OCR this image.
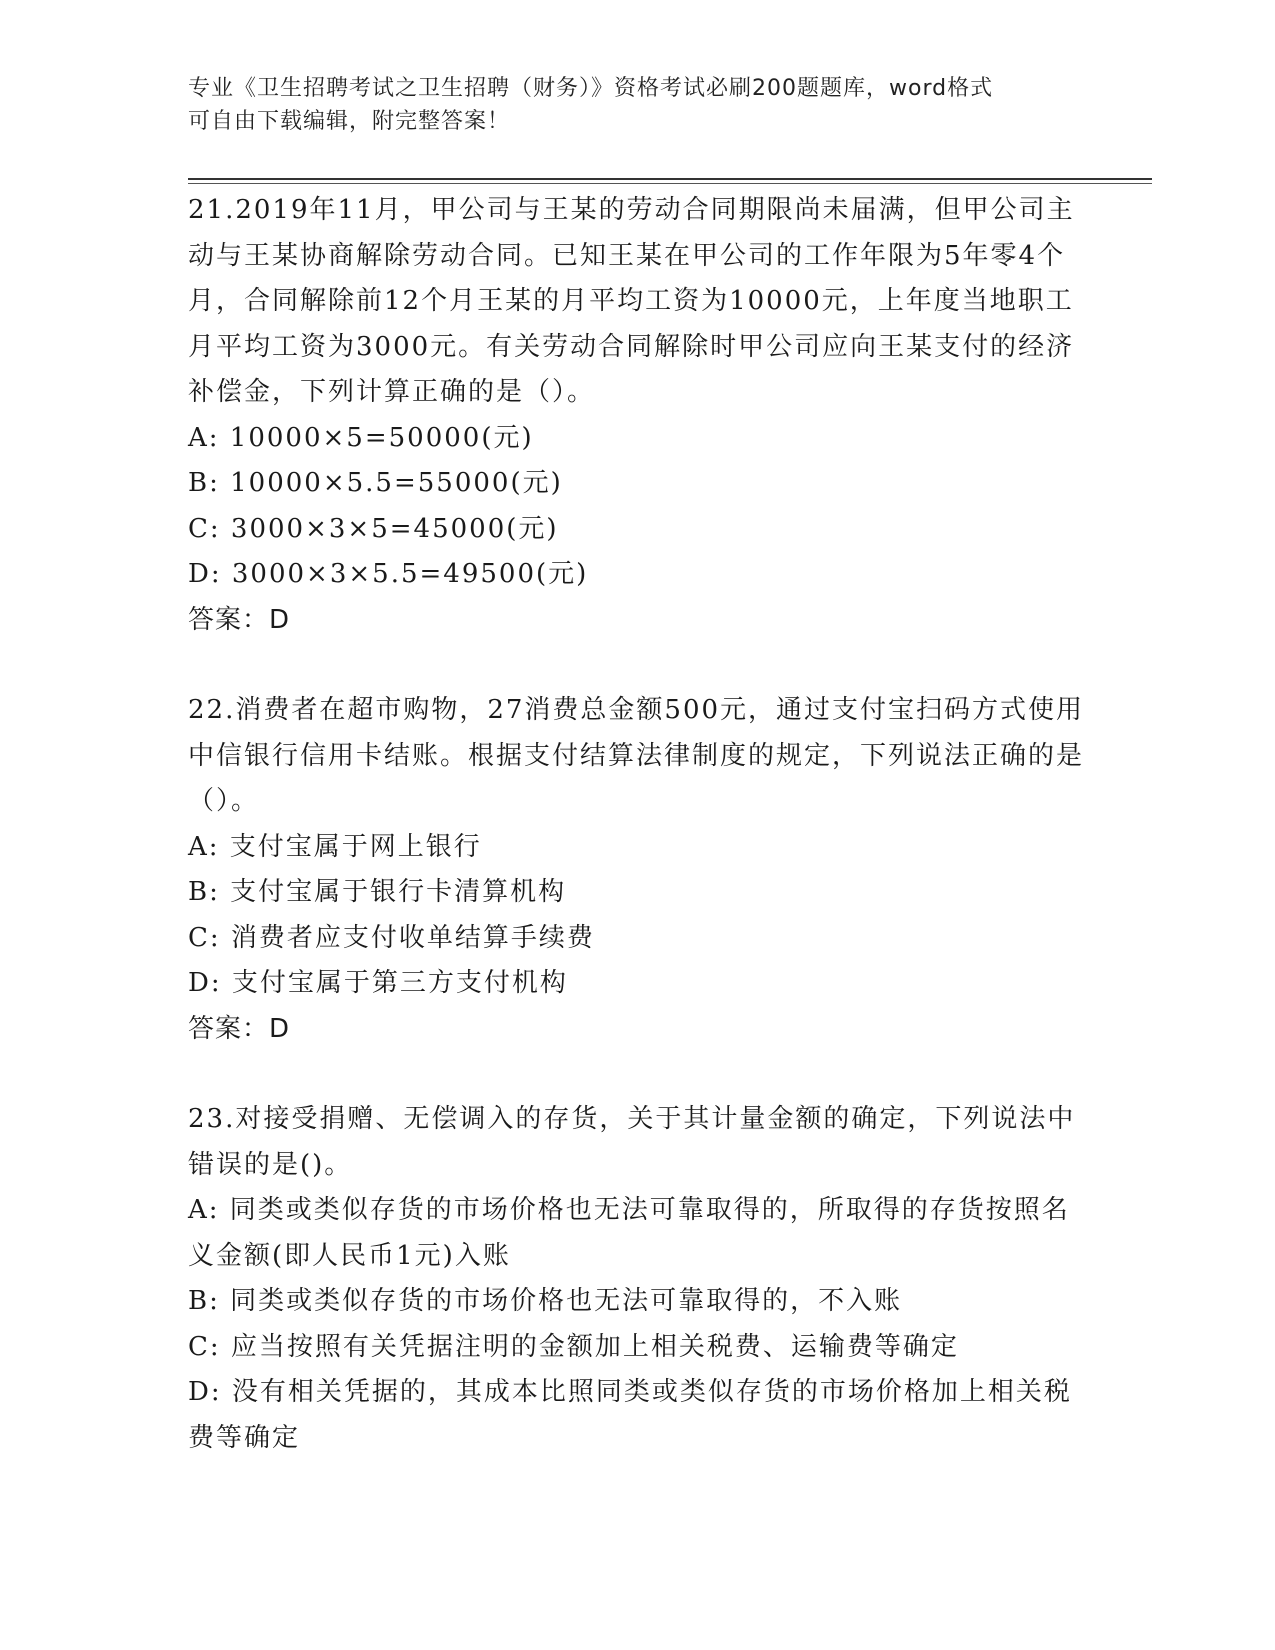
专业《卫生招聘考试之卫生招聘（财务）》资格考试必刷200题题库，word格式
可自由下载编辑，附完整答案！

21.2019年11月，甲公司与王某的劳动合同期限尚未届满，但甲公司主动与王某协商解除劳动合同。已知王某在甲公司的工作年限为5年零4个月，合同解除前12个月王某的月平均工资为10000元，上年度当地职工月平均工资为3000元。有关劳动合同解除时甲公司应向王某支付的经济补偿金，下列计算正确的是（）。

A: 10000×5=50000(元)

B: 10000×5.5=55000(元)

C: 3000×3×5=45000(元)

D: 3000×3×5.5=49500(元)

答案：D

22.消费者在超市购物，27消费总金额500元，通过支付宝扫码方式使用中信银行信用卡结账。根据支付结算法律制度的规定，下列说法正确的是（）。

A: 支付宝属于网上银行

B: 支付宝属于银行卡清算机构

C: 消费者应支付收单结算手续费

D: 支付宝属于第三方支付机构

答案：D

23.对接受捐赠、无偿调入的存货，关于其计量金额的确定，下列说法中错误的是()。

A: 同类或类似存货的市场价格也无法可靠取得的，所取得的存货按照名义金额(即人民币1元)入账

B: 同类或类似存货的市场价格也无法可靠取得的，不入账

C: 应当按照有关凭据注明的金额加上相关税费、运输费等确定

D: 没有相关凭据的，其成本比照同类或类似存货的市场价格加上相关税费等确定
